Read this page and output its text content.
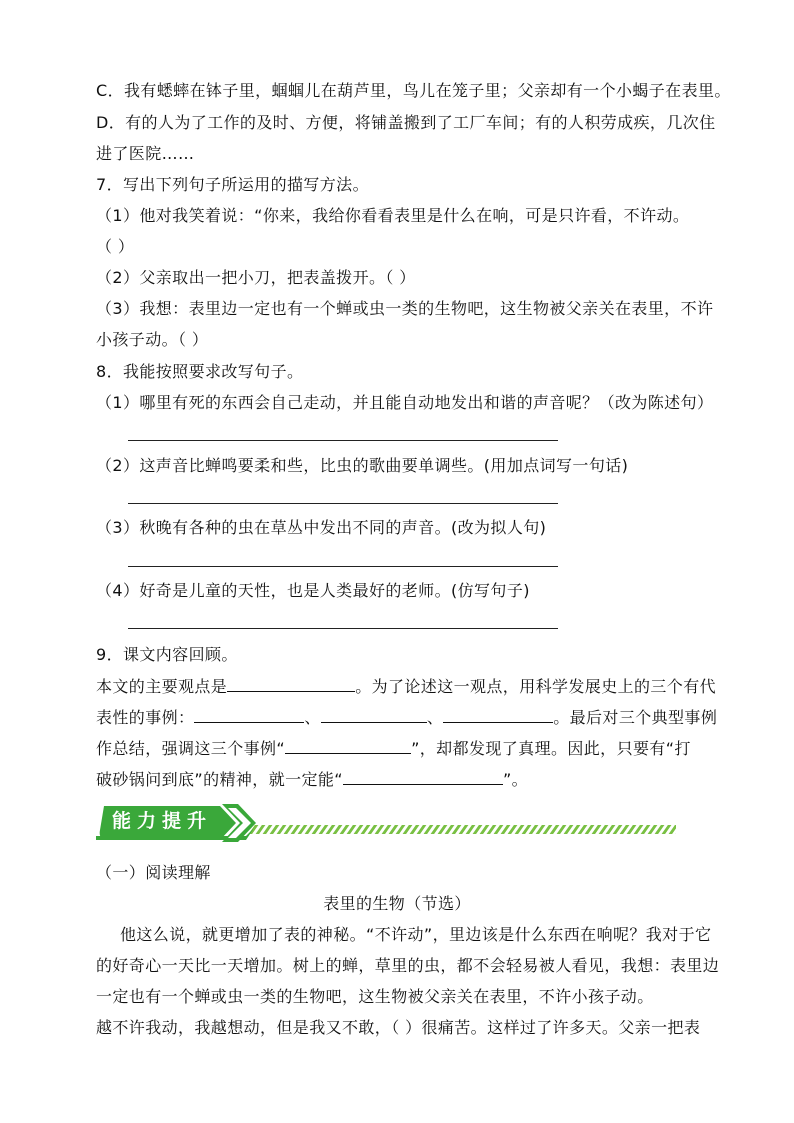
C．我有蟋蟀在钵子里，蝈蝈儿在葫芦里，鸟儿在笼子里；父亲却有一个小蝎子在表里。
D．有的人为了工作的及时、方便，将铺盖搬到了工厂车间；有的人积劳成疾，几次住
进了医院……
7．写出下列句子所运用的描写方法。
（1）他对我笑着说：“你来，我给你看看表里是什么在响，可是只许看，不许动。
（ ）
（2）父亲取出一把小刀，把表盖拨开。（ ）
（3）我想：表里边一定也有一个蝉或虫一类的生物吧，这生物被父亲关在表里，不许
小孩子动。（ ）
8．我能按照要求改写句子。
（1）哪里有死的东西会自己走动，并且能自动地发出和谐的声音呢？（改为陈述句）
（2）这声音比蝉鸣要柔和些，比虫的歌曲要单调些。(用加点词写一句话)
（3）秋晚有各种的虫在草丛中发出不同的声音。(改为拟人句)
（4）好奇是儿童的天性，也是人类最好的老师。(仿写句子)
9．课文内容回顾。
本文的主要观点是	。为了论述这一观点，用科学发展史上的三个有代
表性的事例：	、	、	。最后对三个典型事例
作总结，强调这三个事例“	”，却都发现了真理。因此，只要有“打
破砂锅问到底”的精神，就一定能“	”。
能力提升
（一）阅读理解
表里的生物（节选）
他这么说，就更增加了表的神秘。“不许动”，里边该是什么东西在响呢？我对于它
的好奇心一天比一天增加。树上的蝉，草里的虫，都不会轻易被人看见，我想：表里边
一定也有一个蝉或虫一类的生物吧，这生物被父亲关在表里，不许小孩子动。
越不许我动，我越想动，但是我又不敢，（ ）很痛苦。这样过了许多天。父亲一把表
